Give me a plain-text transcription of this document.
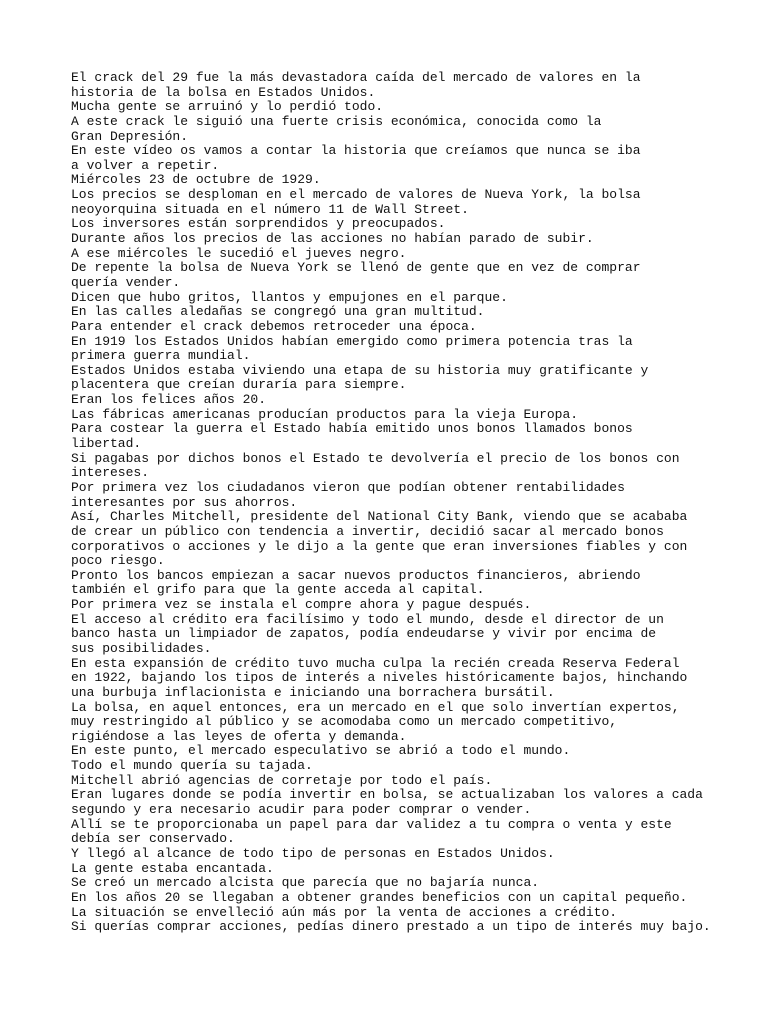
El crack del 29 fue la más devastadora caída del mercado de valores en la
historia de la bolsa en Estados Unidos.
Mucha gente se arruinó y lo perdió todo.
A este crack le siguió una fuerte crisis económica, conocida como la
Gran Depresión.
En este vídeo os vamos a contar la historia que creíamos que nunca se iba
a volver a repetir.
Miércoles 23 de octubre de 1929.
Los precios se desploman en el mercado de valores de Nueva York, la bolsa
neoyorquina situada en el número 11 de Wall Street.
Los inversores están sorprendidos y preocupados.
Durante años los precios de las acciones no habían parado de subir.
A ese miércoles le sucedió el jueves negro.
De repente la bolsa de Nueva York se llenó de gente que en vez de comprar
quería vender.
Dicen que hubo gritos, llantos y empujones en el parque.
En las calles aledañas se congregó una gran multitud.
Para entender el crack debemos retroceder una época.
En 1919 los Estados Unidos habían emergido como primera potencia tras la
primera guerra mundial.
Estados Unidos estaba viviendo una etapa de su historia muy gratificante y
placentera que creían duraría para siempre.
Eran los felices años 20.
Las fábricas americanas producían productos para la vieja Europa.
Para costear la guerra el Estado había emitido unos bonos llamados bonos
libertad.
Si pagabas por dichos bonos el Estado te devolvería el precio de los bonos con
intereses.
Por primera vez los ciudadanos vieron que podían obtener rentabilidades
interesantes por sus ahorros.
Así, Charles Mitchell, presidente del National City Bank, viendo que se acababa
de crear un público con tendencia a invertir, decidió sacar al mercado bonos
corporativos o acciones y le dijo a la gente que eran inversiones fiables y con
poco riesgo.
Pronto los bancos empiezan a sacar nuevos productos financieros, abriendo
también el grifo para que la gente acceda al capital.
Por primera vez se instala el compre ahora y pague después.
El acceso al crédito era facilísimo y todo el mundo, desde el director de un
banco hasta un limpiador de zapatos, podía endeudarse y vivir por encima de
sus posibilidades.
En esta expansión de crédito tuvo mucha culpa la recién creada Reserva Federal
en 1922, bajando los tipos de interés a niveles históricamente bajos, hinchando
una burbuja inflacionista e iniciando una borrachera bursátil.
La bolsa, en aquel entonces, era un mercado en el que solo invertían expertos,
muy restringido al público y se acomodaba como un mercado competitivo,
rigiéndose a las leyes de oferta y demanda.
En este punto, el mercado especulativo se abrió a todo el mundo.
Todo el mundo quería su tajada.
Mitchell abrió agencias de corretaje por todo el país.
Eran lugares donde se podía invertir en bolsa, se actualizaban los valores a cada
segundo y era necesario acudir para poder comprar o vender.
Allí se te proporcionaba un papel para dar validez a tu compra o venta y este
debía ser conservado.
Y llegó al alcance de todo tipo de personas en Estados Unidos.
La gente estaba encantada.
Se creó un mercado alcista que parecía que no bajaría nunca.
En los años 20 se llegaban a obtener grandes beneficios con un capital pequeño.
La situación se envelleció aún más por la venta de acciones a crédito.
Si querías comprar acciones, pedías dinero prestado a un tipo de interés muy bajo.
